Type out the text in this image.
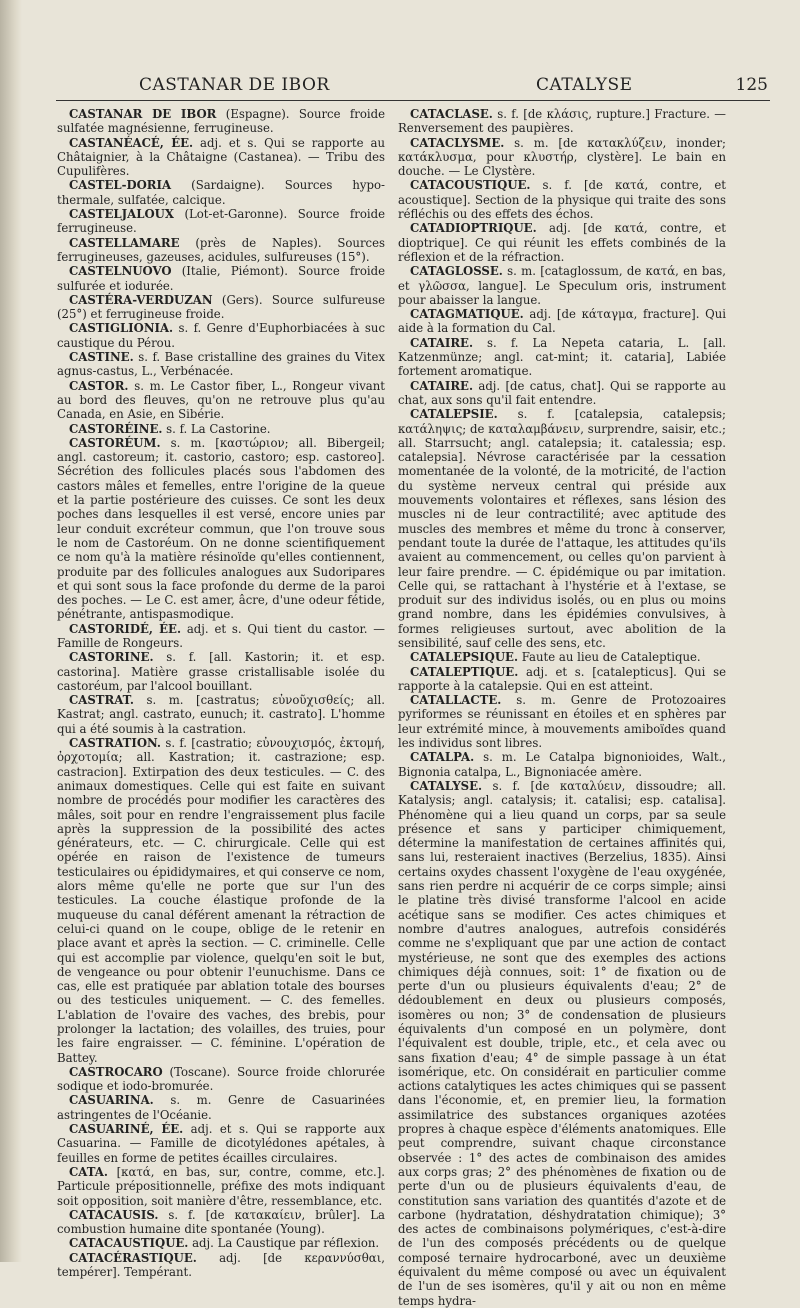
CASTANAR DE IBOR	CATALYSE	125

CASTANAR DE IBOR (Espagne). Source froide sulfatée magnésienne, ferrugineuse.

CASTANÉACÉ, ÉE. adj. et s. Qui se rapporte au Châtaignier, à la Châtaigne (Castanea). — Tribu des Cupulifères.

CASTEL-DORIA (Sardaigne). Sources hypo-thermale, sulfatée, calcique.

CASTELJALOUX (Lot-et-Garonne). Source froide ferrugineuse.

CASTELLAMARE (près de Naples). Sources ferrugineuses, gazeuses, acidules, sulfureuses (15°).

CASTELNUOVO (Italie, Piémont). Source froide sulfurée et iodurée.

CASTÉRA-VERDUZAN (Gers). Source sulfureuse (25°) et ferrugineuse froide.

CASTIGLIONIA. s. f. Genre d'Euphorbiacées à suc caustique du Pérou.

CASTINE. s. f. Base cristalline des graines du Vitex agnus-castus, L., Verbénacée.

CASTOR. s. m. Le Castor fiber, L., Rongeur vivant au bord des fleuves, qu'on ne retrouve plus qu'au Canada, en Asie, en Sibérie.

CASTORÉINE. s. f. La Castorine.

CASTORÉUM. s. m. [καστώριον; all. Bibergeil; angl. castoreum; it. castorio, castoro; esp. castoreo]. Sécrétion des follicules placés sous l'abdomen des castors mâles et femelles, entre l'origine de la queue et la partie postérieure des cuisses. Ce sont les deux poches dans lesquelles il est versé, encore unies par leur conduit excréteur commun, que l'on trouve sous le nom de Castoréum. On ne donne scientifiquement ce nom qu'à la matière résinoïde qu'elles contiennent, produite par des follicules analogues aux Sudoripares et qui sont sous la face profonde du derme de la paroi des poches. — Le C. est amer, âcre, d'une odeur fétide, pénétrante, antispasmodique.

CASTORIDÉ, ÉE. adj. et s. Qui tient du castor. — Famille de Rongeurs.

CASTORINE. s. f. [all. Kastorin; it. et esp. castorina]. Matière grasse cristallisable isolée du castoréum, par l'alcool bouillant.

CASTRAT. s. m. [castratus; εὐνοῦχισθείς; all. Kastrat; angl. castrato, eunuch; it. castrato]. L'homme qui a été soumis à la castration.

CASTRATION. s. f. [castratio; εὐνουχισμός, ἐκτομή, ὀρχοτομία; all. Kastration; it. castrazione; esp. castracion]. Extirpation des deux testicules. — C. des animaux domestiques. Celle qui est faite en suivant nombre de procédés pour modifier les caractères des mâles, soit pour en rendre l'engraissement plus facile après la suppression de la possibilité des actes générateurs, etc. — C. chirurgicale. Celle qui est opérée en raison de l'existence de tumeurs testiculaires ou épididymaires, et qui conserve ce nom, alors même qu'elle ne porte que sur l'un des testicules. La couche élastique profonde de la muqueuse du canal déférent amenant la rétraction de celui-ci quand on le coupe, oblige de le retenir en place avant et après la section. — C. criminelle. Celle qui est accomplie par violence, quelqu'en soit le but, de vengeance ou pour obtenir l'eunuchisme. Dans ce cas, elle est pratiquée par ablation totale des bourses ou des testicules uniquement. — C. des femelles. L'ablation de l'ovaire des vaches, des brebis, pour prolonger la lactation; des volailles, des truies, pour les faire engraisser. — C. féminine. L'opération de Battey.

CASTROCARO (Toscane). Source froide chlorurée sodique et iodo-bromurée.

CASUARINA. s. m. Genre de Casuarinées astringentes de l'Océanie.

CASUARINÉ, ÉE. adj. et s. Qui se rapporte aux Casuarina. — Famille de dicotylédones apétales, à feuilles en forme de petites écailles circulaires.

CATA. [κατά, en bas, sur, contre, comme, etc.]. Particule prépositionnelle, préfixe des mots indiquant soit opposition, soit manière d'être, ressemblance, etc.

CATACAUSIS. s. f. [de κατακαίειν, brûler]. La combustion humaine dite spontanée (Young).

CATACAUSTIQUE. adj. La Caustique par réflexion.

CATACÉRASTIQUE. adj. [de κεραννύσθαι, tempérer]. Tempérant.

CATACLASE. s. f. [de κλάσις, rupture.] Fracture. — Renversement des paupières.

CATACLYSME. s. m. [de κατακλύζειν, inonder; κατάκλυσμα, pour κλυστήρ, clystère]. Le bain en douche. — Le Clystère.

CATACOUSTIQUE. s. f. [de κατά, contre, et acoustique]. Section de la physique qui traite des sons réfléchis ou des effets des échos.

CATADIOPTRIQUE. adj. [de κατά, contre, et dioptrique]. Ce qui réunit les effets combinés de la réflexion et de la réfraction.

CATAGLOSSE. s. m. [cataglossum, de κατά, en bas, et γλῶσσα, langue]. Le Speculum oris, instrument pour abaisser la langue.

CATAGMATIQUE. adj. [de κάταγμα, fracture]. Qui aide à la formation du Cal.

CATAIRE. s. f. La Nepeta cataria, L. [all. Katzenmünze; angl. cat-mint; it. cataria], Labiée fortement aromatique.

CATAIRE. adj. [de catus, chat]. Qui se rapporte au chat, aux sons qu'il fait entendre.

CATALEPSIE. s. f. [catalepsia, catalepsis; κατάληψις; de καταλαμβάνειν, surprendre, saisir, etc.; all. Starrsucht; angl. catalepsia; it. catalessia; esp. catalepsia]. Névrose caractérisée par la cessation momentanée de la volonté, de la motricité, de l'action du système nerveux central qui préside aux mouvements volontaires et réflexes, sans lésion des muscles ni de leur contractilité; avec aptitude des muscles des membres et même du tronc à conserver, pendant toute la durée de l'attaque, les attitudes qu'ils avaient au commencement, ou celles qu'on parvient à leur faire prendre. — C. épidémique ou par imitation. Celle qui, se rattachant à l'hystérie et à l'extase, se produit sur des individus isolés, ou en plus ou moins grand nombre, dans les épidémies convulsives, à formes religieuses surtout, avec abolition de la sensibilité, sauf celle des sens, etc.

CATALEPSIQUE. Faute au lieu de Cataleptique.

CATALEPTIQUE. adj. et s. [catalepticus]. Qui se rapporte à la catalepsie. Qui en est atteint.

CATALLACTE. s. m. Genre de Protozoaires pyriformes se réunissant en étoiles et en sphères par leur extrémité mince, à mouvements amiboïdes quand les individus sont libres.

CATALPA. s. m. Le Catalpa bignonioides, Walt., Bignonia catalpa, L., Bignoniacée amère.

CATALYSE. s. f. [de καταλύειν, dissoudre; all. Katalysis; angl. catalysis; it. catalisi; esp. catalisa]. Phénomène qui a lieu quand un corps, par sa seule présence et sans y participer chimiquement, détermine la manifestation de certaines affinités qui, sans lui, resteraient inactives (Berzelius, 1835). Ainsi certains oxydes chassent l'oxygène de l'eau oxygénée, sans rien perdre ni acquérir de ce corps simple; ainsi le platine très divisé transforme l'alcool en acide acétique sans se modifier. Ces actes chimiques et nombre d'autres analogues, autrefois considérés comme ne s'expliquant que par une action de contact mystérieuse, ne sont que des exemples des actions chimiques déjà connues, soit: 1° de fixation ou de perte d'un ou plusieurs équivalents d'eau; 2° de dédoublement en deux ou plusieurs composés, isomères ou non; 3° de condensation de plusieurs équivalents d'un composé en un polymère, dont l'équivalent est double, triple, etc., et cela avec ou sans fixation d'eau; 4° de simple passage à un état isomérique, etc. On considérait en particulier comme actions catalytiques les actes chimiques qui se passent dans l'économie, et, en premier lieu, la formation assimilatrice des substances organiques azotées propres à chaque espèce d'éléments anatomiques. Elle peut comprendre, suivant chaque circonstance observée : 1° des actes de combinaison des amides aux corps gras; 2° des phénomènes de fixation ou de perte d'un ou de plusieurs équivalents d'eau, de constitution sans variation des quantités d'azote et de carbone (hydratation, déshydratation chimique); 3° des actes de combinaisons polymériques, c'est-à-dire de l'un des composés précédents ou de quelque composé ternaire hydrocarboné, avec un deuxième équivalent du même composé ou avec un équivalent de l'un de ses isomères, qu'il y ait ou non en même temps hydra-
